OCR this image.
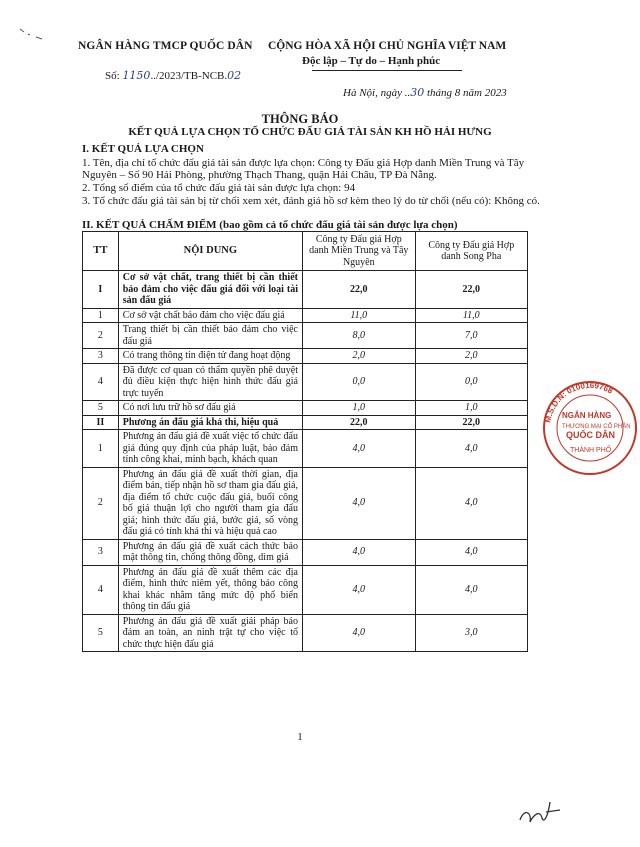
NGÂN HÀNG TMCP QUỐC DÂN CỘNG HÒA XÃ HỘI CHỦ NGHĨA VIỆT NAM
Độc lập – Tự do – Hạnh phúc
Số: 1150../2023/TB-NCB.02
Hà Nội, ngày ..30 tháng 8 năm 2023
THÔNG BÁO
KẾT QUẢ LỰA CHỌN TỔ CHỨC ĐẤU GIÁ TÀI SẢN KH HỒ HẢI HƯNG
I. KẾT QUẢ LỰA CHỌN
1. Tên, địa chỉ tổ chức đấu giá tài sản được lựa chọn: Công ty Đấu giá Hợp danh Miền Trung và Tây Nguyên – Số 90 Hải Phòng, phường Thạch Thang, quận Hải Châu, TP Đà Nẵng.
2. Tổng số điểm của tổ chức đấu giá tài sản được lựa chọn: 94
3. Tổ chức đấu giá tài sản bị từ chối xem xét, đánh giá hồ sơ kèm theo lý do từ chối (nếu có): Không có.
II. KẾT QUẢ CHẤM ĐIỂM (bao gồm cả tổ chức đấu giá tài sản được lựa chọn)
TT	NỘI DUNG	Công ty Đấu giá Hợp danh Miền Trung và Tây Nguyên	Công ty Đấu giá Hợp danh Song Pha
I	Cơ sở vật chất, trang thiết bị cần thiết bảo đảm cho việc đấu giá đối với loại tài sản đấu giá	22,0	22,0
1	Cơ sở vật chất bảo đảm cho việc đấu giá	11,0	11,0
2	Trang thiết bị cần thiết bảo đảm cho việc đấu giá	8,0	7,0
3	Có trang thông tin điện tử đang hoạt động	2,0	2,0
4	Đã được cơ quan có thẩm quyền phê duyệt đủ điều kiện thực hiện hình thức đấu giá trực tuyến	0,0	0,0
5	Có nơi lưu trữ hồ sơ đấu giá	1,0	1,0
II	Phương án đấu giá khả thi, hiệu quả	22,0	22,0
1	Phương án đấu giá đề xuất việc tổ chức đấu giá đúng quy định của pháp luật, bảo đảm tính công khai, minh bạch, khách quan	4,0	4,0
2	Phương án đấu giá đề xuất thời gian, địa điểm bán, tiếp nhận hồ sơ tham gia đấu giá, địa điểm tổ chức cuộc đấu giá, buổi công bố giá thuận lợi cho người tham gia đấu giá; hình thức đấu giá, bước giá, số vòng đấu giá có tính khả thi và hiệu quả cao	4,0	4,0
3	Phương án đấu giá đề xuất cách thức bảo mật thông tin, chống thông đồng, dìm giá	4,0	4,0
4	Phương án đấu giá đề xuất thêm các địa điểm, hình thức niêm yết, thông báo công khai khác nhằm tăng mức độ phổ biến thông tin đấu giá	4,0	4,0
5	Phương án đấu giá đề xuất giải pháp bảo đảm an toàn, an ninh trật tự cho việc tổ chức thực hiện đấu giá	4,0	3,0
1
M.S.D.N: 0100169768
NGÂN HÀNG
THƯƠNG MẠI CỔ PHẦN
QUỐC DÂN
THÀNH PHỐ
